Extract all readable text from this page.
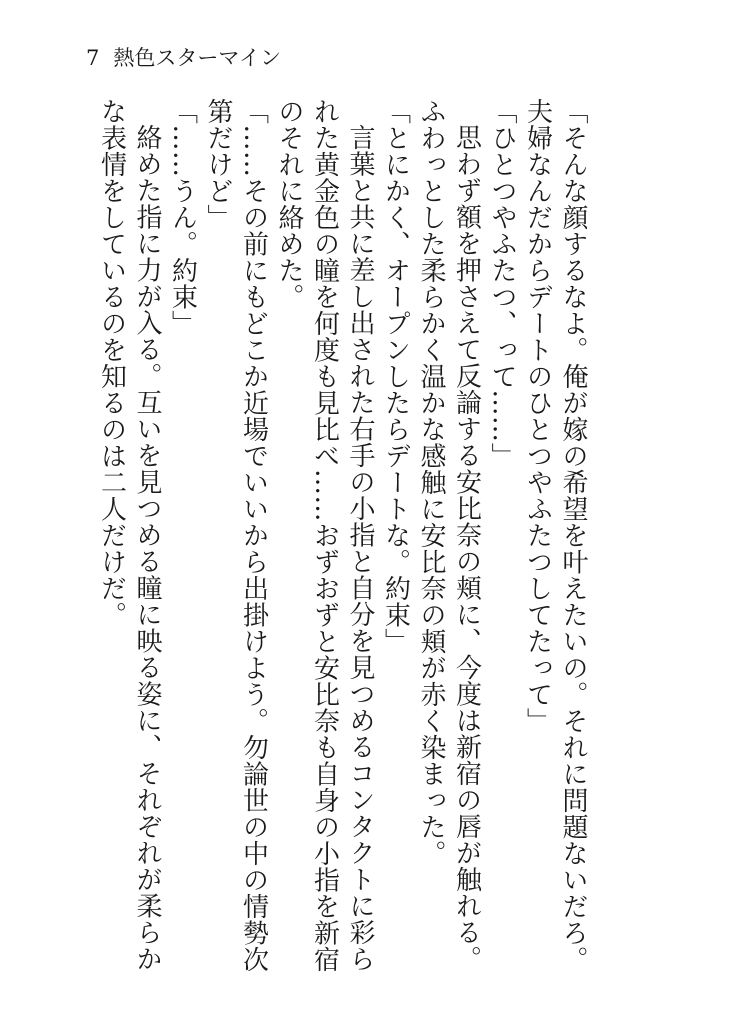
7 熱色スターマイン

「そんな顔するなよ。俺が嫁の希望を叶えたいの。それに問題ないだろ。夫婦なんだからデートのひとつやふたつしてたって」

「ひとつやふたつ、って……」

思わず額を押さえて反論する安比奈の頬に、今度は新宿の唇が触れる。ふわっとした柔らかく温かな感触に安比奈の頬が赤く染まった。

「とにかく、オープンしたらデートな。約束」

言葉と共に差し出された右手の小指と自分を見つめるコンタクトに彩られた黄金色の瞳を何度も見比べ……おずおずと安比奈も自身の小指を新宿のそれに絡めた。

「……その前にもどこか近場でいいから出掛けよう。勿論世の中の情勢次第だけど」

「……うん。約束」

絡めた指に力が入る。互いを見つめる瞳に映る姿に、それぞれが柔らかな表情をしているのを知るのは二人だけだ。
